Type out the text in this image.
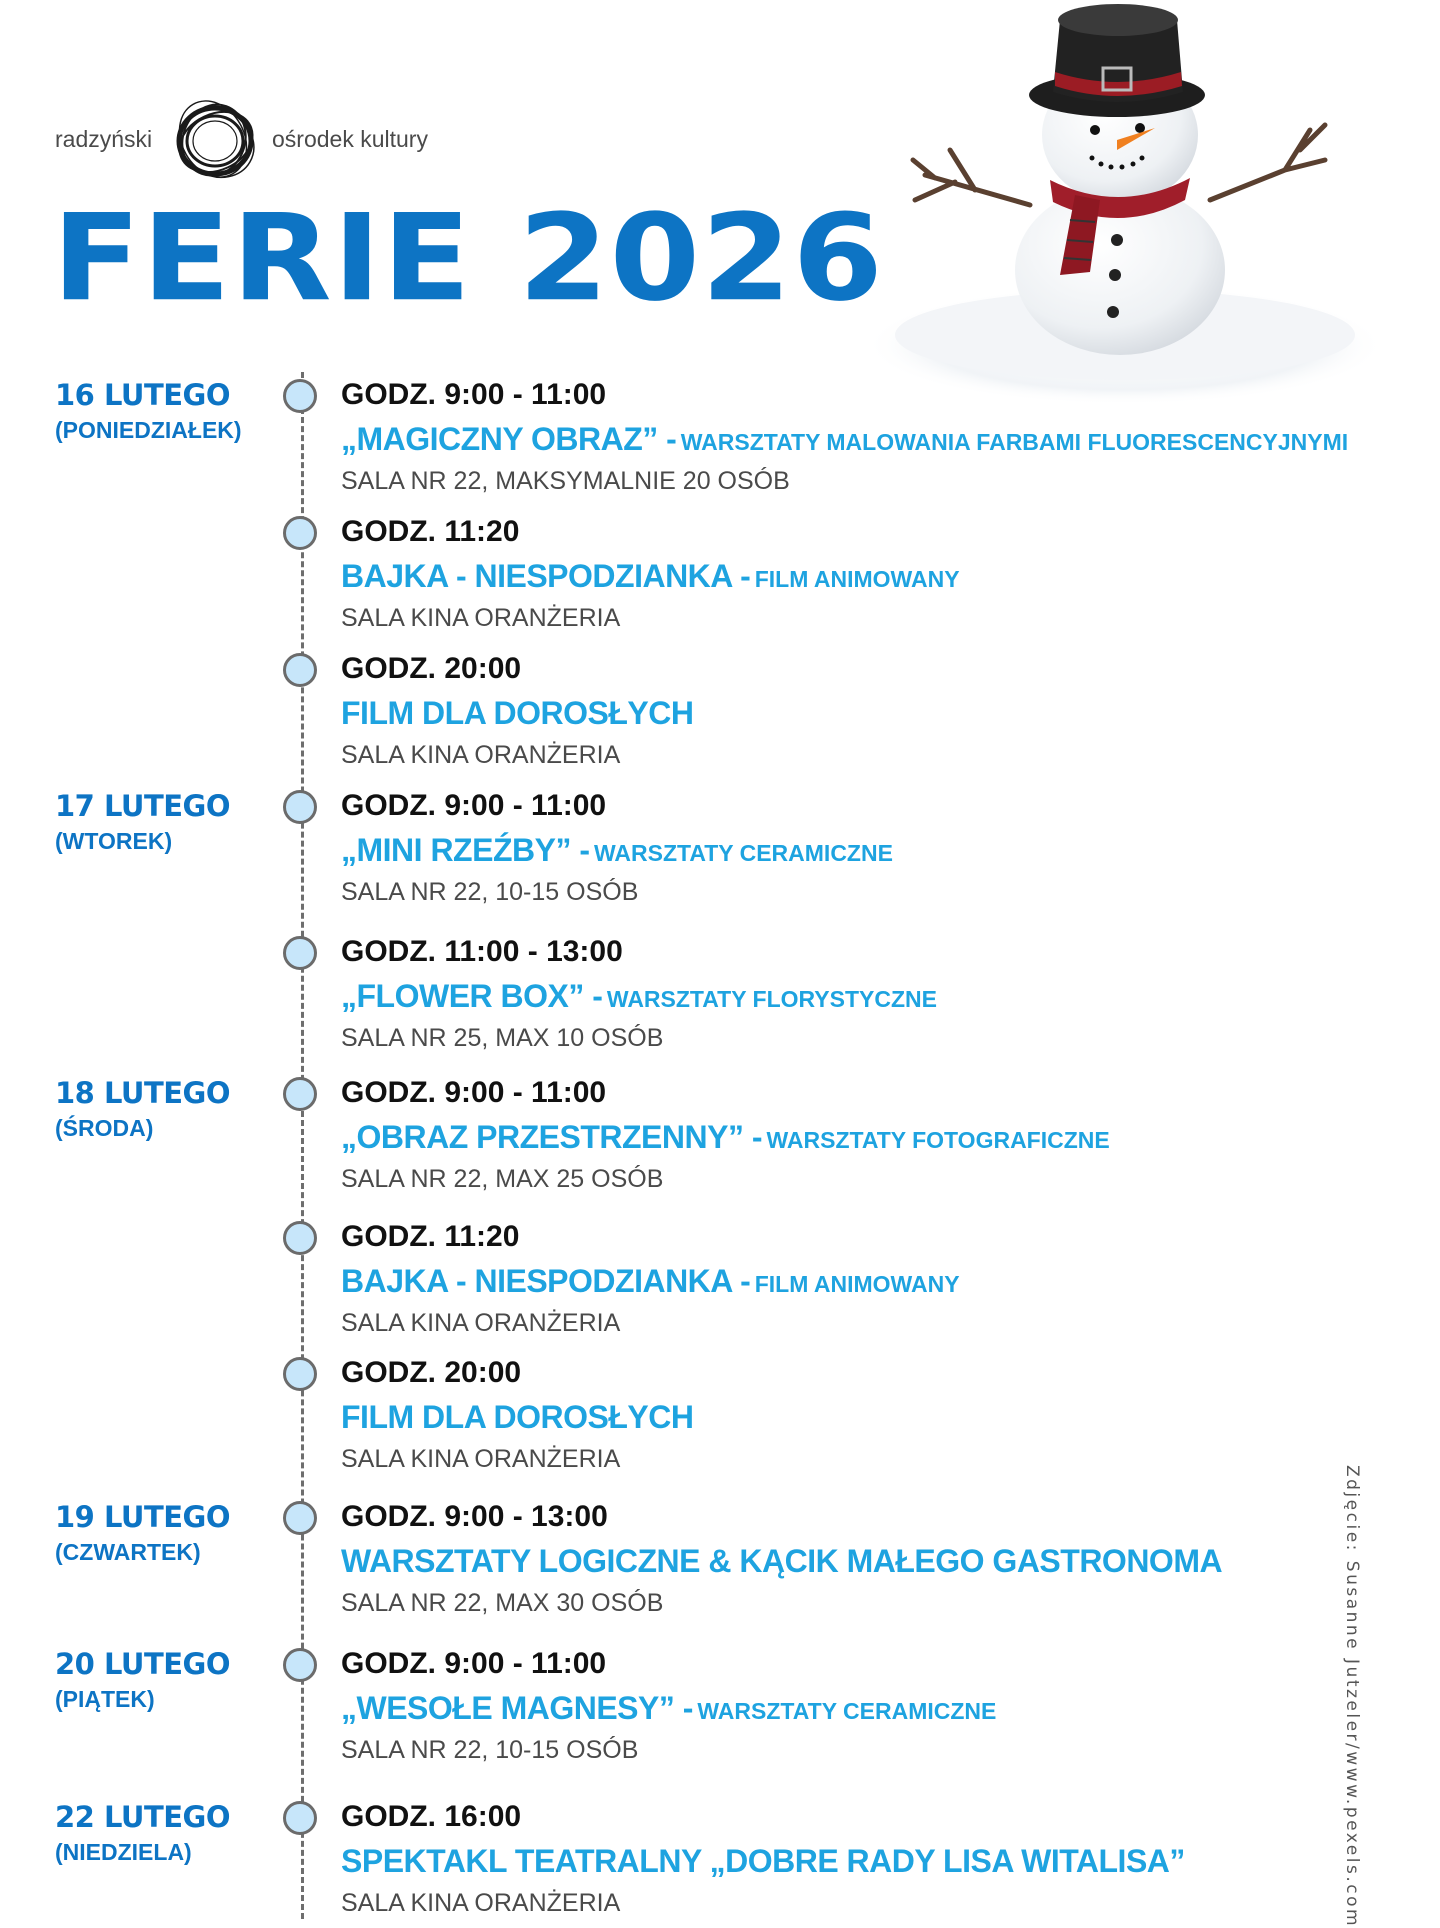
radzyński	ośrodek kultury
FERIE 2026
16 LUTEGO
(PONIEDZIAŁEK)
17 LUTEGO
(WTOREK)
18 LUTEGO
(ŚRODA)
19 LUTEGO
(CZWARTEK)
20 LUTEGO
(PIĄTEK)
22 LUTEGO
(NIEDZIELA)
GODZ. 9:00 - 11:00
„MAGICZNY OBRAZ” - WARSZTATY MALOWANIA FARBAMI FLUORESCENCYJNYMI
SALA NR 22, MAKSYMALNIE 20 OSÓB
GODZ. 11:20
BAJKA - NIESPODZIANKA - FILM ANIMOWANY
SALA KINA ORANŻERIA
GODZ. 20:00
FILM DLA DOROSŁYCH
SALA KINA ORANŻERIA
GODZ. 9:00 - 11:00
„MINI RZEŹBY” - WARSZTATY CERAMICZNE
SALA NR 22, 10-15 OSÓB
GODZ. 11:00 - 13:00
„FLOWER BOX” - WARSZTATY FLORYSTYCZNE
SALA NR 25, MAX 10 OSÓB
GODZ. 9:00 - 11:00
„OBRAZ PRZESTRZENNY” - WARSZTATY FOTOGRAFICZNE
SALA NR 22, MAX 25 OSÓB
GODZ. 11:20
BAJKA - NIESPODZIANKA - FILM ANIMOWANY
SALA KINA ORANŻERIA
GODZ. 20:00
FILM DLA DOROSŁYCH
SALA KINA ORANŻERIA
GODZ. 9:00 - 13:00
WARSZTATY LOGICZNE & KĄCIK MAŁEGO GASTRONOMA
SALA NR 22, MAX 30 OSÓB
GODZ. 9:00 - 11:00
„WESOŁE MAGNESY” - WARSZTATY CERAMICZNE
SALA NR 22, 10-15 OSÓB
GODZ. 16:00
SPEKTAKL TEATRALNY „DOBRE RADY LISA WITALISA”
SALA KINA ORANŻERIA	Zdjęcie: Susanne Jutzeler/www.pexels.com
